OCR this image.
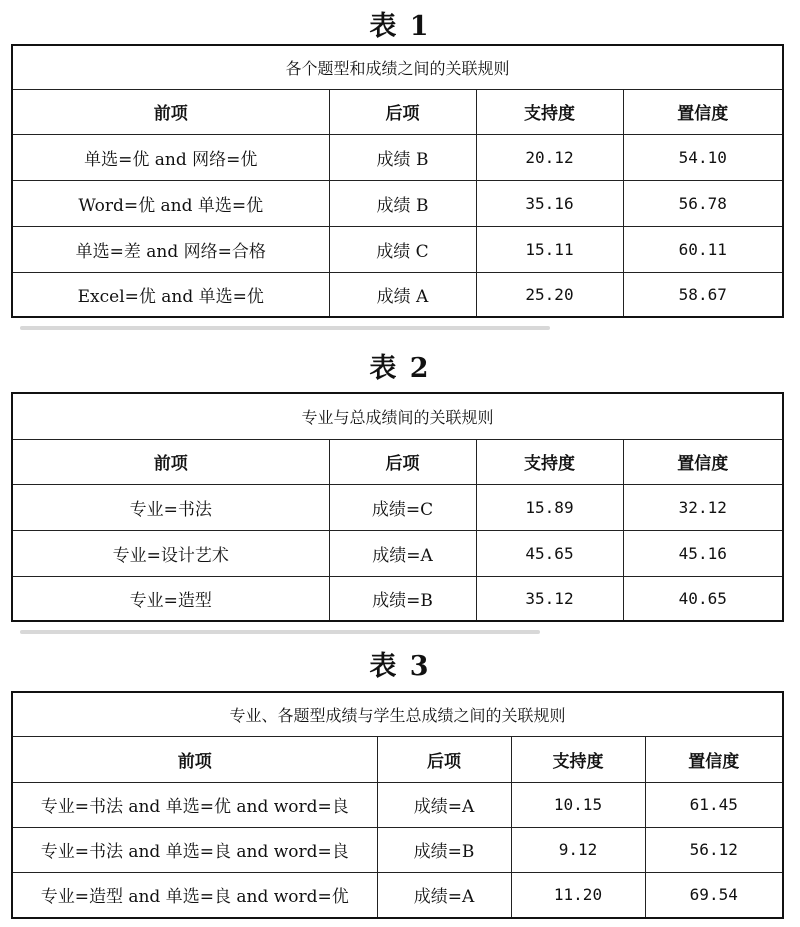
表 1
各个题型和成绩之间的关联规则			
前项	后项	支持度	置信度
单选=优 and 网络=优	成绩 B	20.12	54.10
Word=优 and 单选=优	成绩 B	35.16	56.78
单选=差 and 网络=合格	成绩 C	15.11	60.11
Excel=优 and 单选=优	成绩 A	25.20	58.67
表 2
专业与总成绩间的关联规则			
前项	后项	支持度	置信度
专业=书法	成绩=C	15.89	32.12
专业=设计艺术	成绩=A	45.65	45.16
专业=造型	成绩=B	35.12	40.65
表 3
专业、各题型成绩与学生总成绩之间的关联规则			
前项	后项	支持度	置信度
专业=书法 and 单选=优 and word=良	成绩=A	10.15	61.45
专业=书法 and 单选=良 and word=良	成绩=B	9.12	56.12
专业=造型 and 单选=良 and word=优	成绩=A	11.20	69.54
